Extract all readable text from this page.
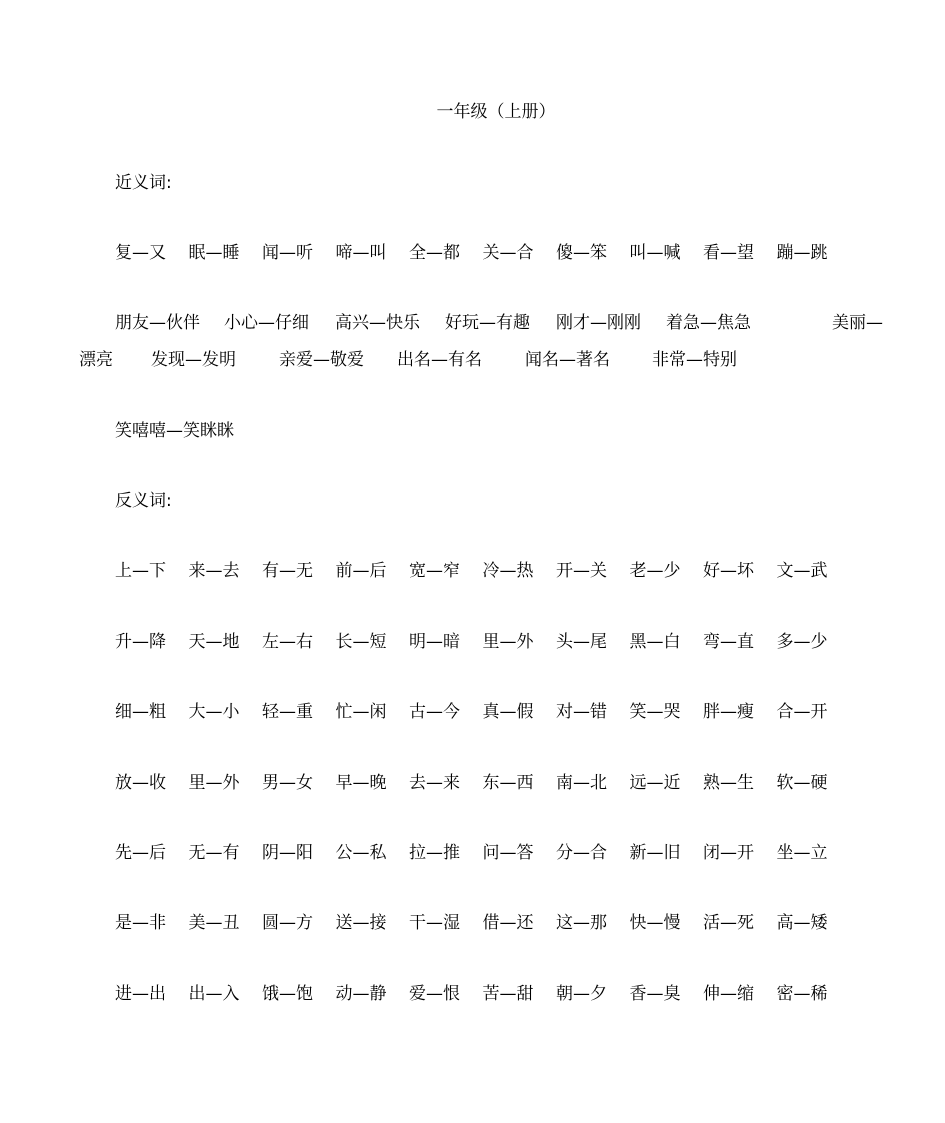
一年级（上册）
近义词:
复—又 眠—睡 闻—听 啼—叫 全—都 关—合 傻—笨 叫—喊 看—望 蹦—跳
朋友—伙伴 小心—仔细 高兴—快乐 好玩—有趣 刚才—刚刚 着急—焦急	美丽—
漂亮 发现—发明	亲爱—敬爱 出名—有名	闻名—著名 非常—特别
笑嘻嘻—笑眯眯
反义词:
上—下 来—去 有—无 前—后 宽—窄 冷—热 开—关 老—少 好—坏 文—武
升—降 天—地 左—右 长—短 明—暗 里—外 头—尾 黑—白 弯—直 多—少
细—粗 大—小 轻—重 忙—闲 古—今 真—假 对—错 笑—哭 胖—瘦 合—开
放—收 里—外 男—女 早—晚 去—来 东—西 南—北 远—近 熟—生 软—硬
先—后 无—有 阴—阳 公—私 拉—推 问—答 分—合 新—旧 闭—开 坐—立
是—非 美—丑 圆—方 送—接 干—湿 借—还 这—那 快—慢 活—死 高—矮
进—出 出—入 饿—饱 动—静 爱—恨 苦—甜 朝—夕 香—臭 伸—缩 密—稀
